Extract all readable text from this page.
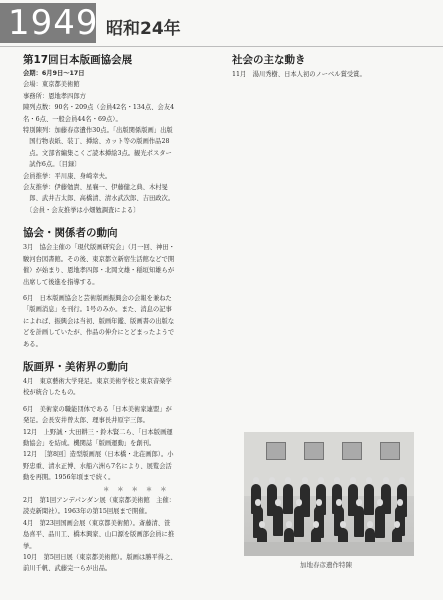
1949 昭和24年
第17回日本版画協会展
会期：6月9日〜17日
会場：東京都美術館
事務所：恩地孝四郎方
陳列点数：90名・209点（会員42名・134点、会友4
名・6点、一般会員44名・69点）。
特別陳列：加藤春彦遺作30点。「出版関係版画」出版
　国行物表紙、装丁、挿絵、カット等の版画作品28
　点。文部省編集こくご読本挿絵3点。観光ポスター
　試作6点。〔目録〕
会員推挙：平川康、身崎幸夫。
会友推挙：伊藤勉貴、星襄一、伊藤健之典、木村旻
　郎、武井吉太郎、高橋清、清水武次郎、吉田政次。
　〔会員・会友推挙は小畑勉調査による〕
協会・関係者の動向
3月　協会主催の「現代版画研究会」（月一回、神田・
駿河台図書館。その後、東京都立新宿生活館などで開
催）が始まり、恩地孝四郎・北岡文雄・稲垣知雄らが
出席して後進を指導する。
6月　日本版画協会と芸術版画振興会の会報を兼ねた
「版画消息」を刊行。1号のみか。また、消息の記事
によれば、振興会は当初、版画年鑑、版画書の出版な
どを計画していたが、作品の伸介にとどまったようで
ある。
版画界・美術界の動向
4月　東京藝術大学発足。東京美術学校と東京音楽学
校が統合したもの。
6月　美術家の職能団体である「日本美術家連盟」が
発足。会長安井曾太郎、理事長井原宇三郎。
12月　上野誠・大田耕三・鈴木賢二ら、「日本版画運
動協会」を結成。機関誌「版画運動」を創刊。
12月　［第8回］造型版画展（日本橋・北荘画郎）。小
野忠重、清水正博、水船六洲ら7名により、展覧会活
動を再開。1956年頃まで続く。
＊＊＊＊＊
2月　第1回アンデパンダン展（東京都美術館　主催：
読売新聞社）。1963年の第15回展まで開催。
4月　第23回国画会展（東京都美術館）。斎藤清、笹
島喜平、品川工、橋本興家、山口源を版画部会員に推
挙。
10月　第5回日展（東京都美術館）。版画は勝平得之、
前川千帆、武藤完一らが出品。
社会の主な動き
11月　湯川秀樹、日本人初のノーベル賞受賞。
加地春彦遺作特陳
